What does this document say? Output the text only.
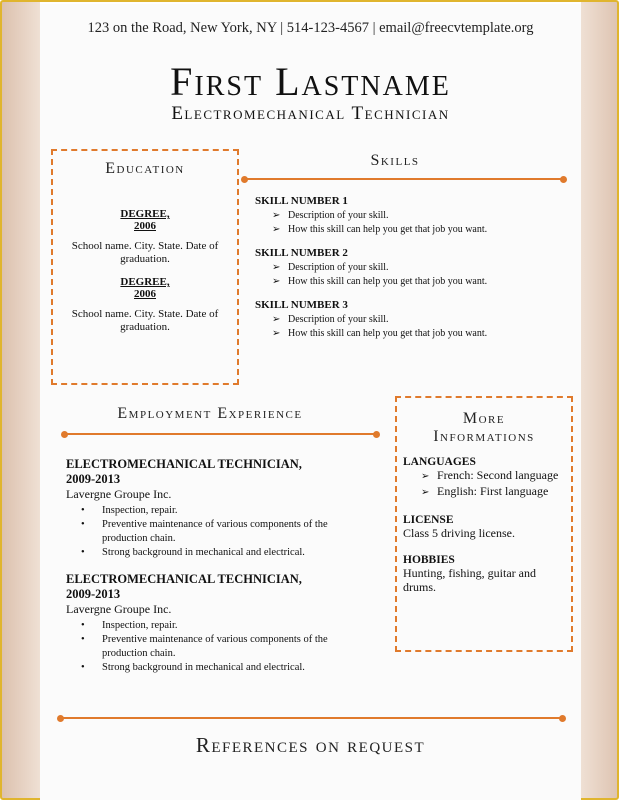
123 on the Road, New York, NY | 514-123-4567 | email@freecvtemplate.org
First Lastname
Electromechanical Technician
Education
DEGREE,
2006
School name. City. State. Date of graduation.
DEGREE,
2006
School name. City. State. Date of graduation.
Skills
SKILL NUMBER 1
➢ Description of your skill.
➢ How this skill can help you get that job you want.
SKILL NUMBER 2
➢ Description of your skill.
➢ How this skill can help you get that job you want.
SKILL NUMBER 3
➢ Description of your skill.
➢ How this skill can help you get that job you want.
Employment Experience
ELECTROMECHANICAL TECHNICIAN,
2009-2013
Lavergne Groupe Inc.
•	Inspection, repair.
•	Preventive maintenance of various components of the production chain.
•	Strong background in mechanical and electrical.
ELECTROMECHANICAL TECHNICIAN,
2009-2013
Lavergne Groupe Inc.
•	Inspection, repair.
•	Preventive maintenance of various components of the production chain.
•	Strong background in mechanical and electrical.
More
Informations
LANGUAGES
➢ French: Second language
➢ English: First language
LICENSE
Class 5 driving license.
HOBBIES
Hunting, fishing, guitar and drums.
References on request
